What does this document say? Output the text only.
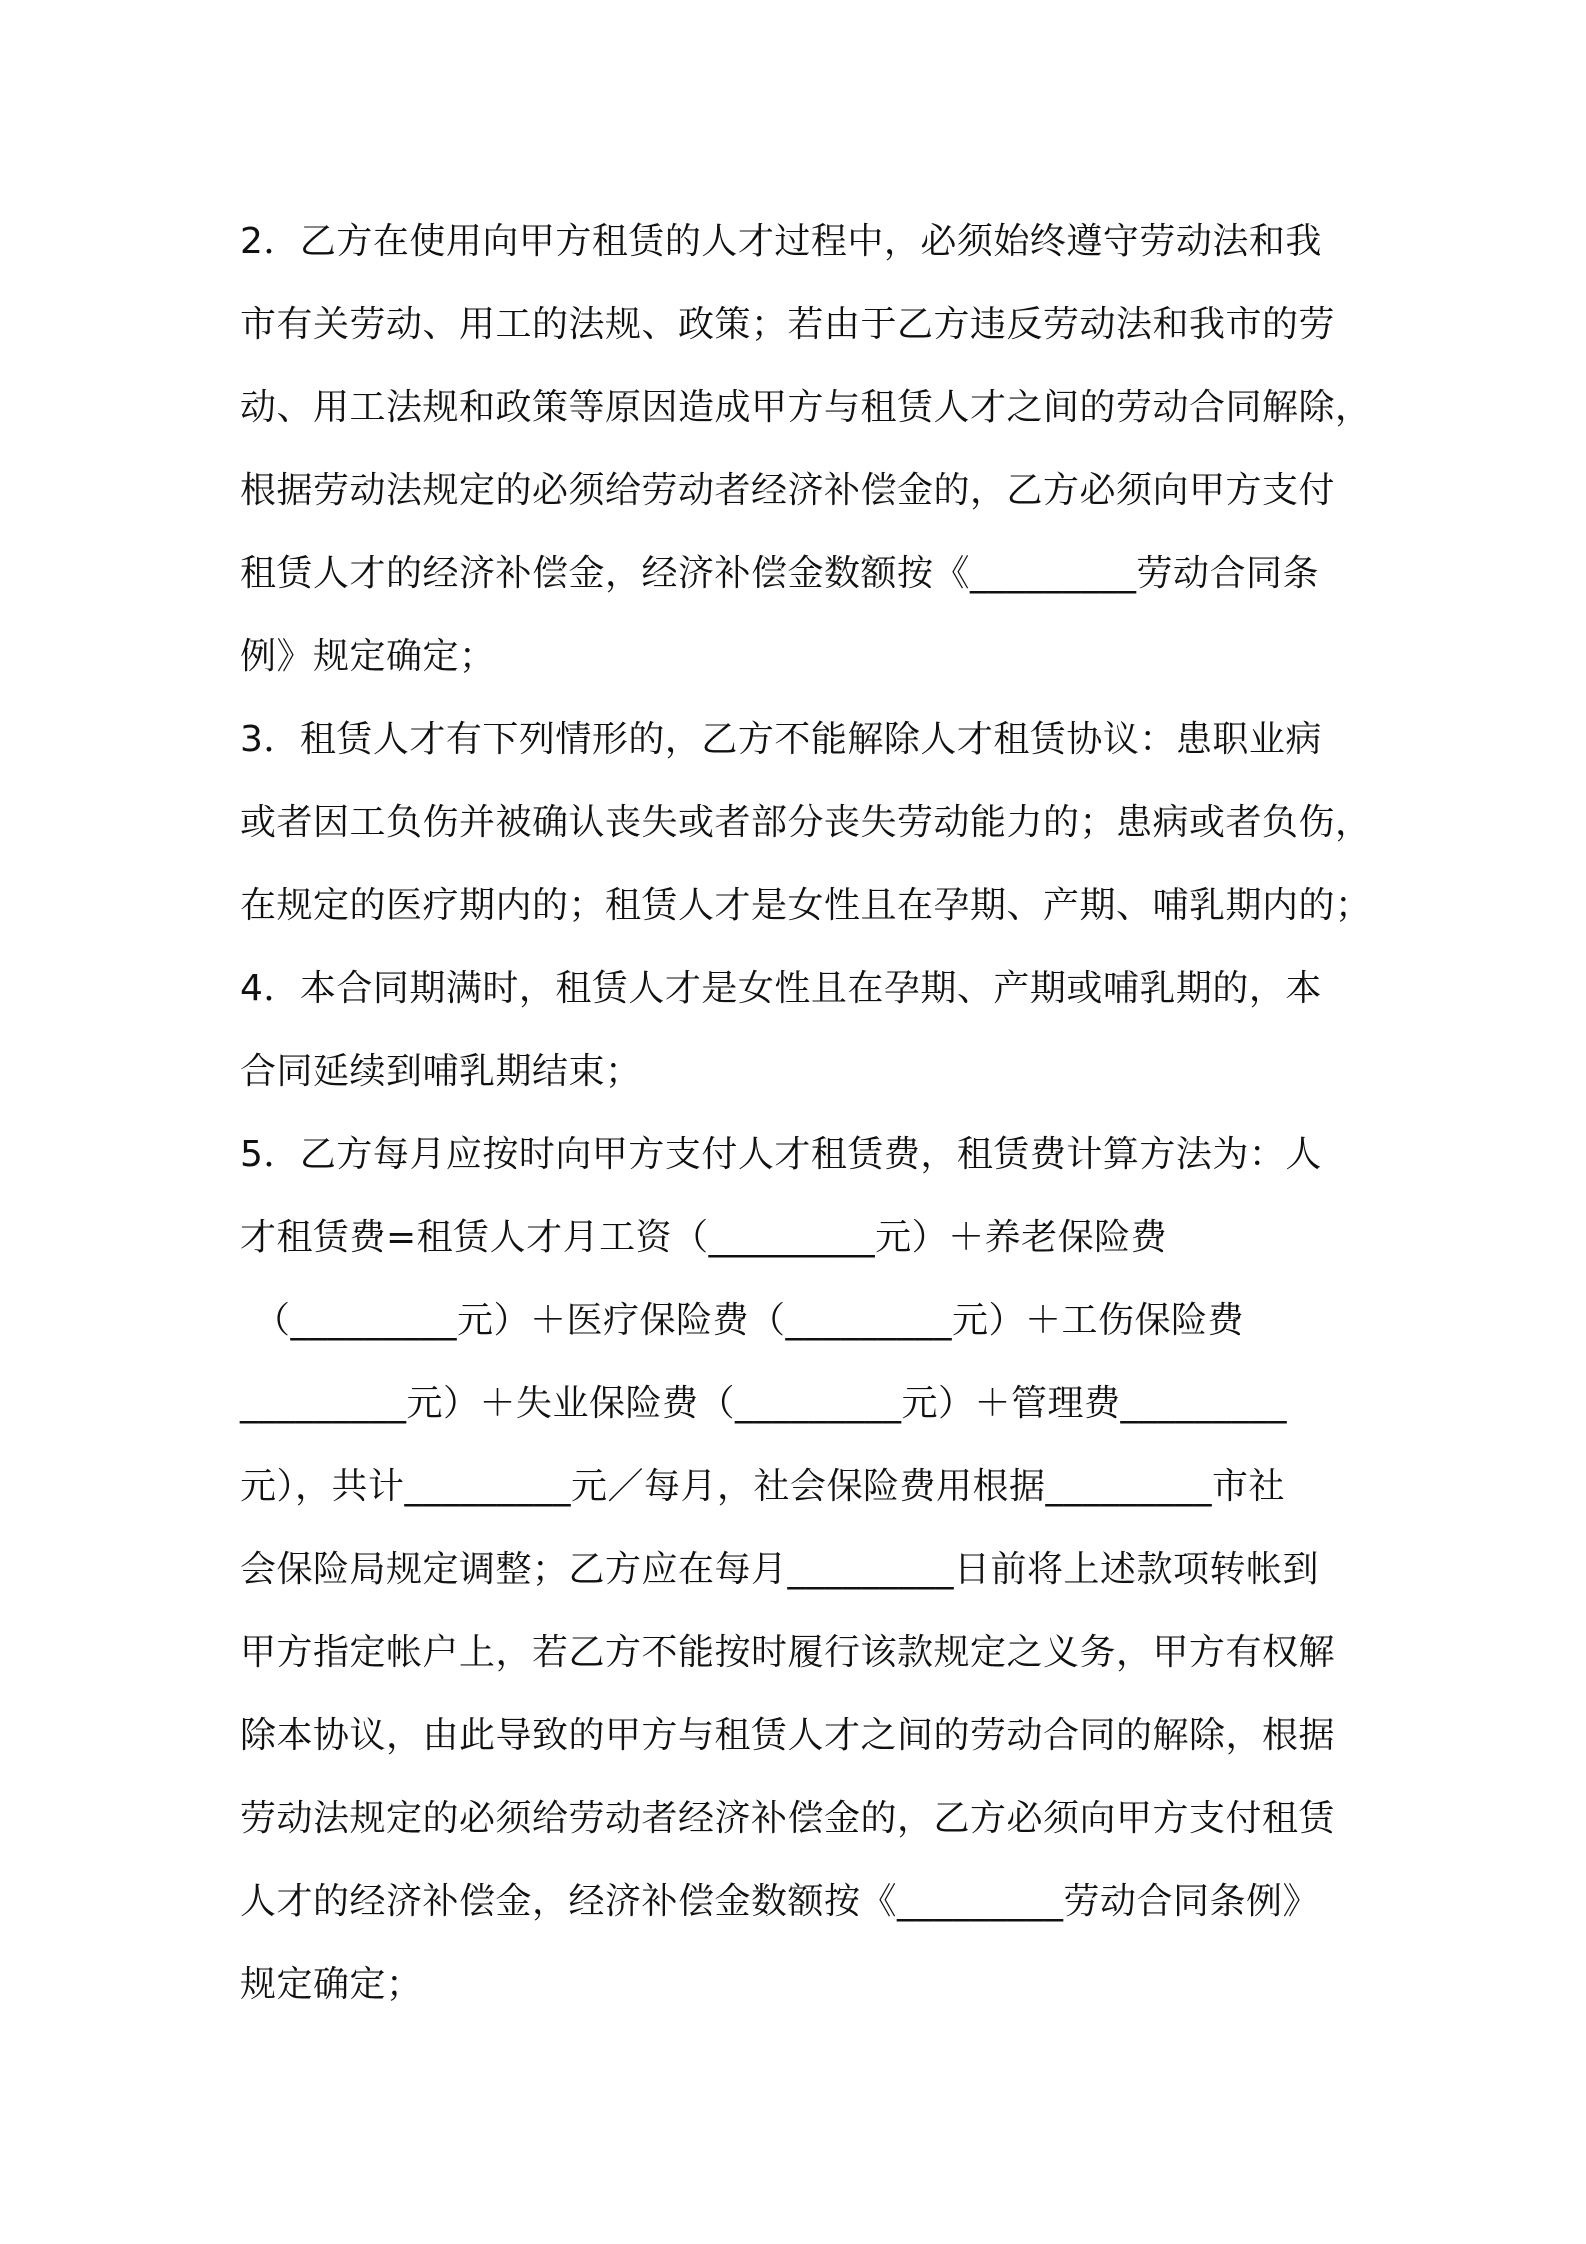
2．乙方在使用向甲方租赁的人才过程中，必须始终遵守劳动法和我
市有关劳动、用工的法规、政策；若由于乙方违反劳动法和我市的劳
动、用工法规和政策等原因造成甲方与租赁人才之间的劳动合同解除，
根据劳动法规定的必须给劳动者经济补偿金的，乙方必须向甲方支付
租赁人才的经济补偿金，经济补偿金数额按《_________劳动合同条
例》规定确定；
3．租赁人才有下列情形的，乙方不能解除人才租赁协议：患职业病
或者因工负伤并被确认丧失或者部分丧失劳动能力的；患病或者负伤，
在规定的医疗期内的；租赁人才是女性且在孕期、产期、哺乳期内的；
4．本合同期满时，租赁人才是女性且在孕期、产期或哺乳期的，本
合同延续到哺乳期结束；
5．乙方每月应按时向甲方支付人才租赁费，租赁费计算方法为：人
才租赁费=租赁人才月工资（_________元）＋养老保险费
（_________元）＋医疗保险费（_________元）＋工伤保险费
_________元）＋失业保险费（_________元）＋管理费_________
元），共计_________元／每月，社会保险费用根据_________市社
会保险局规定调整；乙方应在每月_________日前将上述款项转帐到
甲方指定帐户上，若乙方不能按时履行该款规定之义务，甲方有权解
除本协议，由此导致的甲方与租赁人才之间的劳动合同的解除，根据
劳动法规定的必须给劳动者经济补偿金的，乙方必须向甲方支付租赁
人才的经济补偿金，经济补偿金数额按《_________劳动合同条例》
规定确定；
